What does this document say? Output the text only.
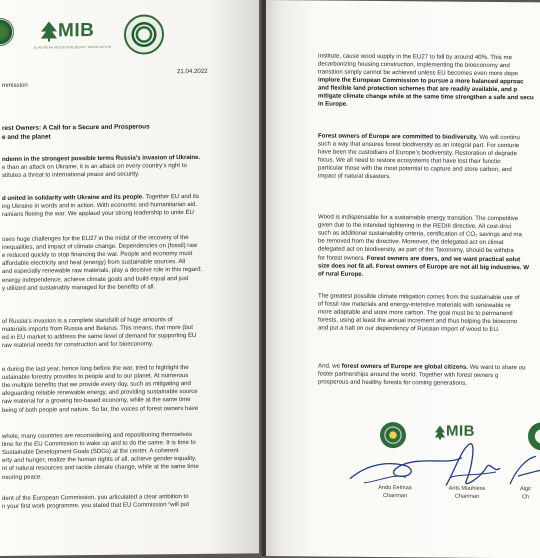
MIB
EUROPEAN WOOD BIOENERGY ASSOCIATION
21.04.2022
mmission
rest Owners: A Call for a Secure and Prosperous
e and the planet
ndemn in the strongest possible terms Russia’s invasion of Ukraine.
e than an attack on Ukraine, it is an attack on every country’s right to
stitutes a threat to international peace and security.
d united in solidarity with Ukraine and its people. Together EU and its
ing Ukraine in words and in action. With economic and humanitarian aid.
rainians fleeing the war. We applaud your strong leadership to unite EU
oses huge challenges for the EU27 in the midst of the recovery of the
inequalities, and impact of climate change. Dependencies on (fossil) raw
e reduced quickly to stop financing the war. People and economy must
affordable electricity and heat (energy) from sustainable sources. All
and especially renewable raw materials, play a decisive role in this regard.
energy independence, achieve climate goals and build equal and just
y utilized and sustainably managed for the benefits of all.
of Russia’s invasion is a complete standstill of huge amounts of
materials imports from Russia and Belarus. This means, that more (but
ed in EU market to address the same level of demand for supporting EU
raw material needs for construction and for bioeconomy.
e during the last year, hence long before the war, tried to highlight the
ustainable forestry provides to people and to our planet. At numerous
the multiple benefits that we provide every day, such as mitigating and
afeguarding reliable renewable energy, and providing sustainable source
raw material for a growing bio-based economy, while at the same time
being of both people and nature. So far, the voices of forest owners have
whole, many countries are reconsidering and repositioning themselves
time for the EU Commission to wake up and to do the same. It is time to
Sustainable Development Goals (SDGs) at the center. A coherent
erty and hunger, realize the human rights of all, achieve gender equality,
nt of natural resources and tackle climate change, while at the same time
nsuring peace.
dent of the European Commission, you articulated a clear ambition to
n your first work programme, you stated that EU Commission “will put
Institute, cause wood supply in the EU27 to fall by around 40%. This me
decarbonizing housing construction, implementing the bioeconomy and
transition simply cannot be achieved unless EU becomes even more depe
implore the European Commission to pursue a more balanced approac
and flexible land protection schemes that are readily available, and p
mitigate climate change while at the same time strengthen a safe and secu
in Europe.
Forest owners of Europe are committed to biodiversity. We will continu
such a way that ensures forest biodiversity as an integral part. For centurie
have been the custodians of Europe’s biodiversity. Restoration of degrade
focus. We all need to restore ecosystems that have lost their functio
particular those with the most potential to capture and store carbon, and
impact of natural disasters.
Wood is indispensable for a sustainable energy transition. The competitive
given due to the intended tightening in the REDIII directive. All cost-drivi
such as additional sustainability criteria, certification of CO₂ savings and ma
be removed from the directive. Moreover, the delegated act on climat
delegated act on biodiversity, as part of the Taxonomy, should be withdra
for forest owners. Forest owners are doers, and we want practical solut
size does not fit all. Forest owners of Europe are not all big industries. W
of rural Europe.
The greatest possible climate mitigation comes from the sustainable use of
of fossil raw materials and energy-intensive materials with renewable re
more adaptable and store more carbon. The goal must be to permanentl
forests, using at least the annual increment and thus helping the bioecono
and put a halt on our dependency of Russian import of wood to EU.
And, we forest owners of Europe are global citizens. We want to share ou
foster partnerships around the world. Together with forest owners g
prosperous and healthy forests for coming generations.
MIB
Ando Eelmaa
Chairman
Ants Muuhiess
Chairman
Algir
Ch
